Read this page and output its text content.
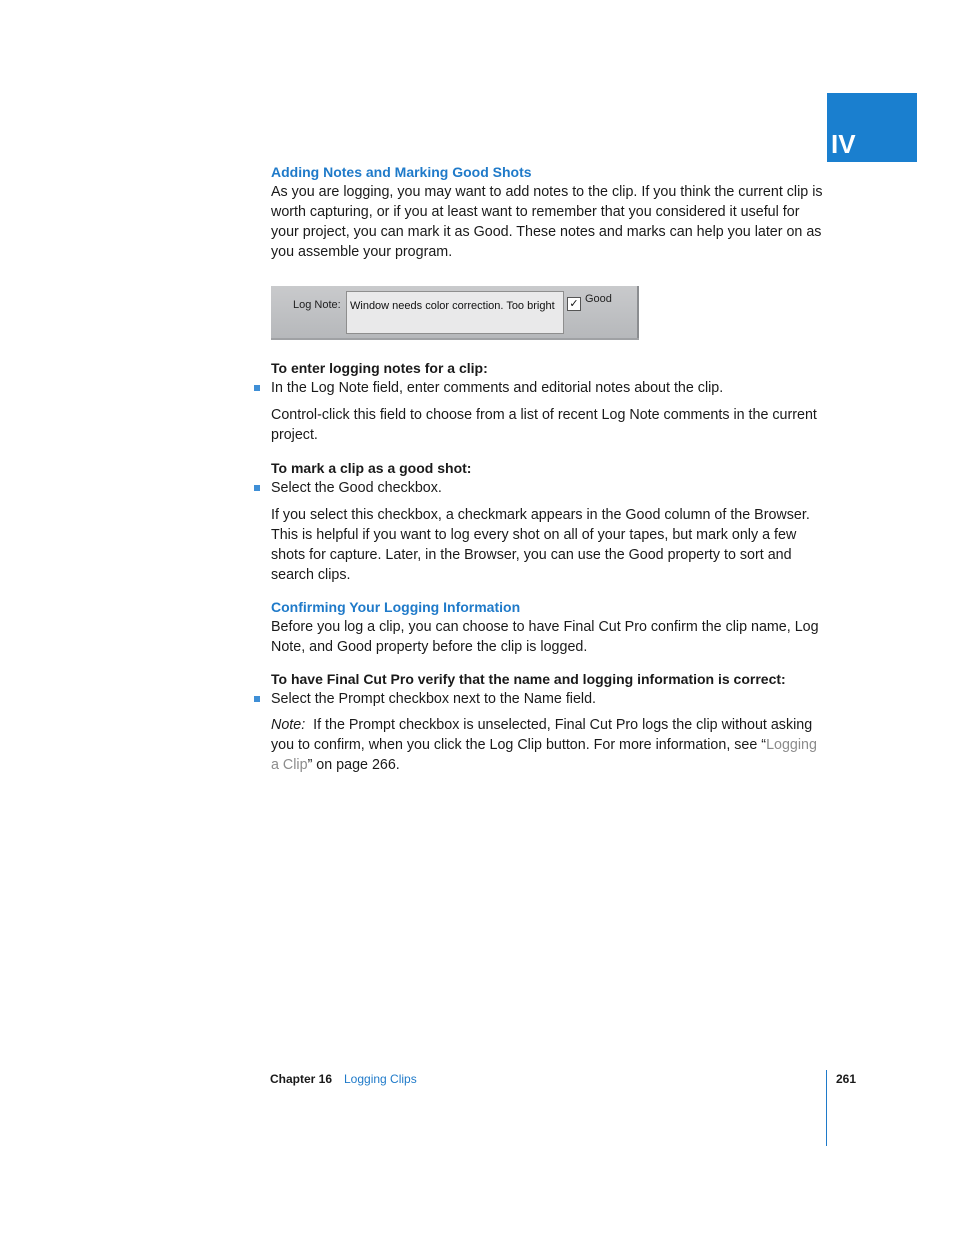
IV

Adding Notes and Marking Good Shots

As you are logging, you may want to add notes to the clip. If you think the current clip is worth capturing, or if you at least want to remember that you considered it useful for your project, you can mark it as Good. These notes and marks can help you later on as you assemble your program.

Log Note: Window needs color correction. Too bright ✓ Good

To enter logging notes for a clip:

In the Log Note field, enter comments and editorial notes about the clip.

Control-click this field to choose from a list of recent Log Note comments in the current project.

To mark a clip as a good shot:

Select the Good checkbox.

If you select this checkbox, a checkmark appears in the Good column of the Browser. This is helpful if you want to log every shot on all of your tapes, but mark only a few shots for capture. Later, in the Browser, you can use the Good property to sort and search clips.

Confirming Your Logging Information

Before you log a clip, you can choose to have Final Cut Pro confirm the clip name, Log Note, and Good property before the clip is logged.

To have Final Cut Pro verify that the name and logging information is correct:

Select the Prompt checkbox next to the Name field.

Note: If the Prompt checkbox is unselected, Final Cut Pro logs the clip without asking you to confirm, when you click the Log Clip button. For more information, see “Logging a Clip” on page 266.

Chapter 16 Logging Clips	261
